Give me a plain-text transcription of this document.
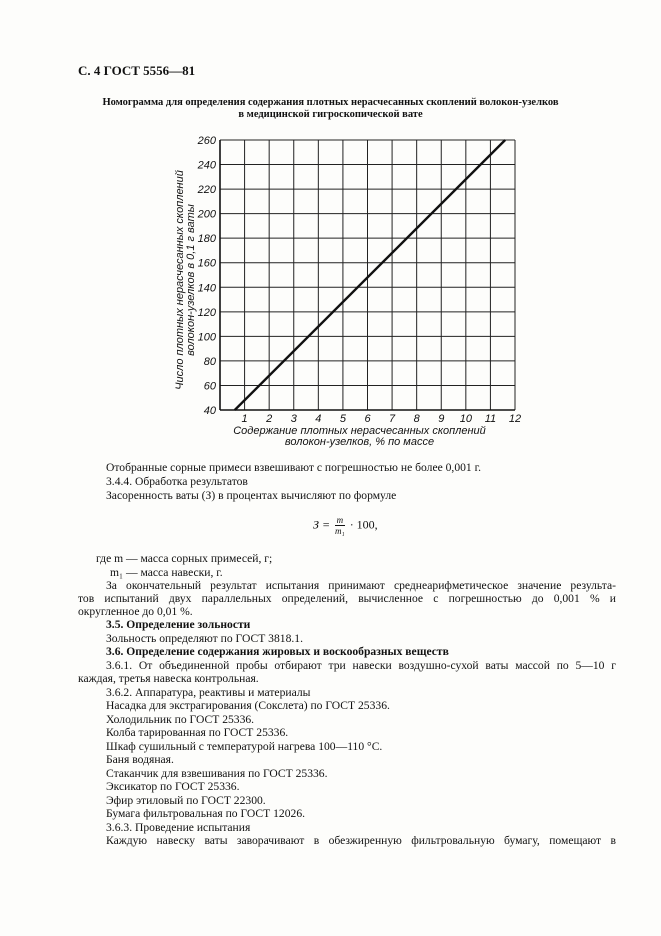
С. 4 ГОСТ 5556—81
Номограмма для определения содержания плотных нерасчесанных скоплений волокон-узелков
в медицинской гигроскопической вате
1 2 3 4 5 6 7 8 9 10 11 12
40
60
80
100
120
140
160
180
200
220
240
260
Содержание плотных нерасчесанных скоплений
волокон-узелков, % по массе
Число плотных нерасчесанных скоплений волокон-узелков в 0,1 г ваты
Отобранные сорные примеси взвешивают с погрешностью не более 0,001 г.
3.4.4. Обработка результатов
Засоренность ваты (З) в процентах вычисляют по формуле
$З = \frac{m}{\text{m₁}} \cdot 100$,
где m — масса сорных примесей, г;
m₁ — масса навески, г.
За окончательный результат испытания принимают среднеарифметическое значение результа-
тов испытаний двух параллельных определений, вычисленное с погрешностью до 0,001 % и
округленное до 0,01 %.
3.5. Определение зольности
Зольность определяют по ГОСТ 3818.1.
3.6. Определение содержания жировых и воскообразных веществ
3.6.1. От объединенной пробы отбирают три навески воздушно-сухой ваты массой по 5—10 г
каждая, третья навеска контрольная.
3.6.2. Аппаратура, реактивы и материалы
Насадка для экстрагирования (Сокслета) по ГОСТ 25336.
Холодильник по ГОСТ 25336.
Колба тарированная по ГОСТ 25336.
Шкаф сушильный с температурой нагрева 100—110 °С.
Баня водяная.
Стаканчик для взвешивания по ГОСТ 25336.
Эксикатор по ГОСТ 25336.
Эфир этиловый по ГОСТ 22300.
Бумага фильтровальная по ГОСТ 12026.
3.6.3. Проведение испытания
Каждую навеску ваты заворачивают в обезжиренную фильтровальную бумагу, помещают в
